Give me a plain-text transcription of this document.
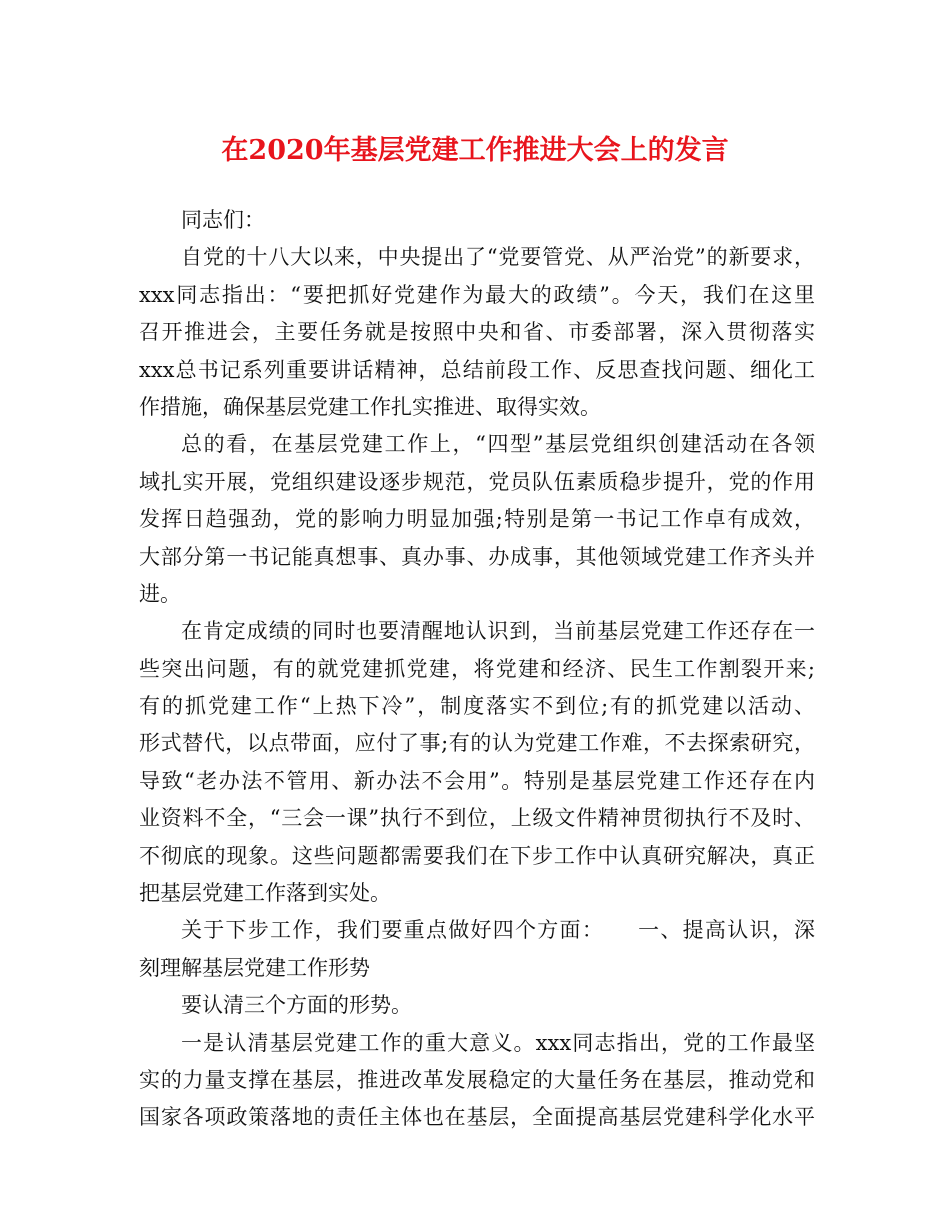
在2020年基层党建工作推进大会上的发言
同志们：
自党的十八大以来，中央提出了“党要管党、从严治党”的新要求，
xxx同志指出：“要把抓好党建作为最大的政绩”。今天，我们在这里
召开推进会，主要任务就是按照中央和省、市委部署，深入贯彻落实
xxx总书记系列重要讲话精神，总结前段工作、反思查找问题、细化工
作措施，确保基层党建工作扎实推进、取得实效。
总的看，在基层党建工作上，“四型”基层党组织创建活动在各领
域扎实开展，党组织建设逐步规范，党员队伍素质稳步提升，党的作用
发挥日趋强劲，党的影响力明显加强;特别是第一书记工作卓有成效，
大部分第一书记能真想事、真办事、办成事，其他领域党建工作齐头并
进。
在肯定成绩的同时也要清醒地认识到，当前基层党建工作还存在一
些突出问题，有的就党建抓党建，将党建和经济、民生工作割裂开来;
有的抓党建工作“上热下冷”，制度落实不到位;有的抓党建以活动、
形式替代，以点带面，应付了事;有的认为党建工作难，不去探索研究，
导致“老办法不管用、新办法不会用”。特别是基层党建工作还存在内
业资料不全，“三会一课”执行不到位，上级文件精神贯彻执行不及时、
不彻底的现象。这些问题都需要我们在下步工作中认真研究解决，真正
把基层党建工作落到实处。
关于下步工作，我们要重点做好四个方面：　　一、提高认识，深
刻理解基层党建工作形势
要认清三个方面的形势。
一是认清基层党建工作的重大意义。xxx同志指出，党的工作最坚
实的力量支撑在基层，推进改革发展稳定的大量任务在基层，推动党和
国家各项政策落地的责任主体也在基层，全面提高基层党建科学化水平
